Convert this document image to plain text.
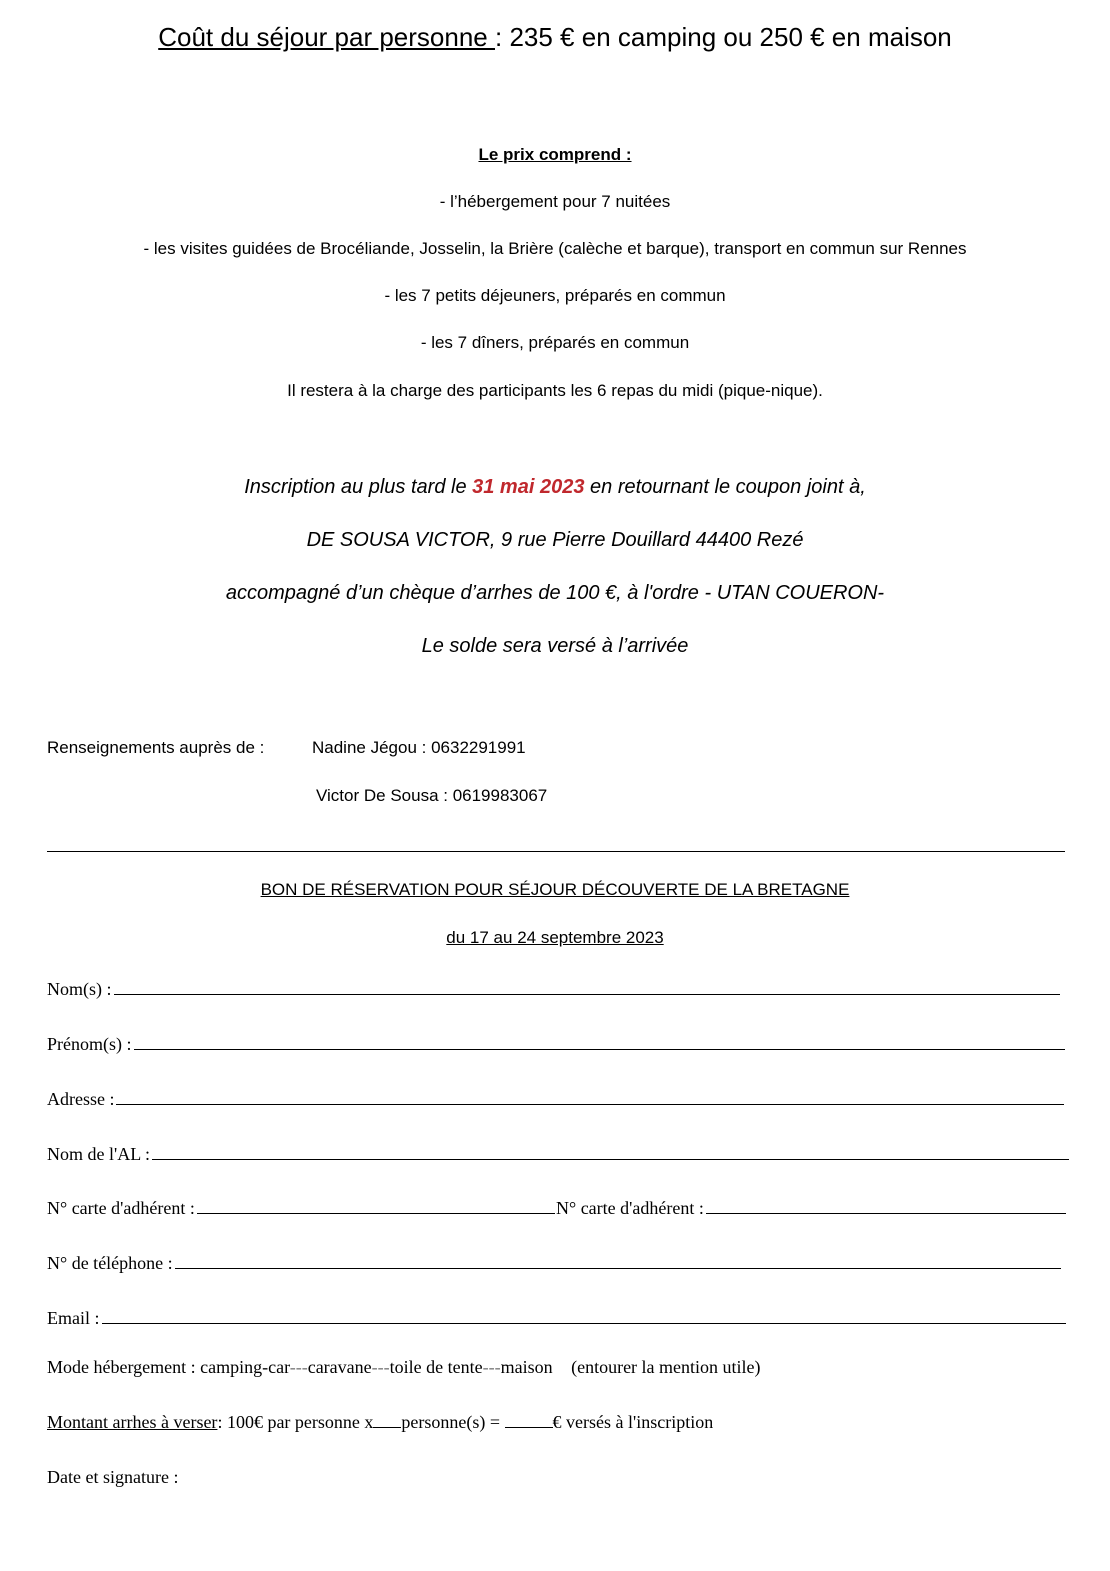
Coût du séjour par personne : 235 € en camping ou 250 € en maison
Le prix comprend :
- l’hébergement pour 7 nuitées
- les visites guidées de Brocéliande, Josselin, la Brière (calèche et barque), transport en commun sur Rennes
- les 7 petits déjeuners, préparés en commun
- les 7 dîners, préparés en commun
Il restera à la charge des participants les 6 repas du midi (pique-nique).
Inscription au plus tard le 31 mai 2023 en retournant le coupon joint à,
DE SOUSA VICTOR, 9 rue Pierre Douillard 44400 Rezé
accompagné d’un chèque d’arrhes de 100 €, à l'ordre - UTAN COUERON-
Le solde sera versé à l’arrivée
Renseignements auprès de :	Nadine Jégou : 0632291991
Victor De Sousa : 0619983067
BON DE RÉSERVATION POUR SÉJOUR DÉCOUVERTE DE LA BRETAGNE
du 17 au 24 septembre 2023
Nom(s) :
Prénom(s) :
Adresse :
Nom de l'AL :
N° carte d'adhérent :	N° carte d'adhérent :
N° de téléphone :
Email :
Mode hébergement : camping-car---caravane---toile de tente---maison (entourer la mention utile)
Montant arrhes à verser: 100€ par personne x personne(s) =	€ versés à l'inscription
Date et signature :
